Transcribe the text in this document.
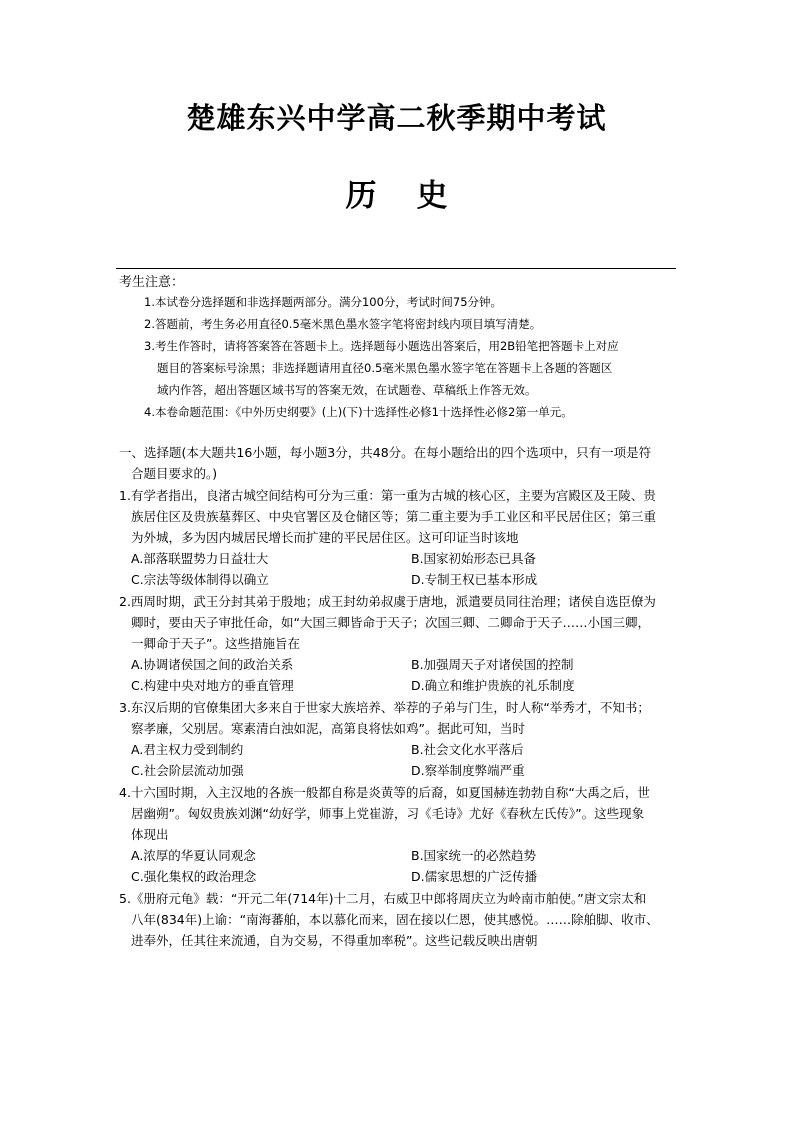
楚雄东兴中学高二秋季期中考试
历 史
考生注意：
1.本试卷分选择题和非选择题两部分。满分100分，考试时间75分钟。
2.答题前，考生务必用直径0.5毫米黑色墨水签字笔将密封线内项目填写清楚。
3.考生作答时，请将答案答在答题卡上。选择题每小题选出答案后，用2B铅笔把答题卡上对应
题目的答案标号涂黑；非选择题请用直径0.5毫米黑色墨水签字笔在答题卡上各题的答题区
域内作答，超出答题区域书写的答案无效，在试题卷、草稿纸上作答无效。
4.本卷命题范围：《中外历史纲要》(上)(下)十选择性必修1十选择性必修2第一单元。
一、选择题(本大题共16小题，每小题3分，共48分。在每小题给出的四个选项中，只有一项是符
合题目要求的。)
1.有学者指出，良渚古城空间结构可分为三重：第一重为古城的核心区，主要为宫殿区及王陵、贵
族居住区及贵族墓葬区、中央官署区及仓储区等；第二重主要为手工业区和平民居住区；第三重
为外城，多为因内城居民增长而扩建的平民居住区。这可印证当时该地
A.部落联盟势力日益壮大	B.国家初始形态已具备
C.宗法等级体制得以确立	D.专制王权已基本形成
2.西周时期，武王分封其弟于殷地；成王封幼弟叔虞于唐地，派遣要员同往治理；诸侯自选臣僚为
卿时，要由天子审批任命，如“大国三卿皆命于天子；次国三卿、二卿命于天子……小国三卿，
一卿命于天子”。这些措施旨在
A.协调诸侯国之间的政治关系	B.加强周天子对诸侯国的控制
C.构建中央对地方的垂直管理	D.确立和维护贵族的礼乐制度
3.东汉后期的官僚集团大多来自于世家大族培养、举荐的子弟与门生，时人称“举秀才，不知书；
察孝廉，父别居。寒素清白浊如泥，高第良将怯如鸡”。据此可知，当时
A.君主权力受到制约	B.社会文化水平落后
C.社会阶层流动加强	D.察举制度弊端严重
4.十六国时期，入主汉地的各族一般都自称是炎黄等的后裔，如夏国赫连勃勃自称“大禹之后，世
居幽朔”。匈奴贵族刘渊“幼好学，师事上党崔游，习《毛诗》尤好《春秋左氏传》”。这些现象
体现出
A.浓厚的华夏认同观念	B.国家统一的必然趋势
C.强化集权的政治理念	D.儒家思想的广泛传播
5.《册府元龟》载：“开元二年(714年)十二月，右威卫中郎将周庆立为岭南市舶使。”唐文宗太和
八年(834年)上谕：“南海蕃舶，本以慕化而来，固在接以仁恩，使其感悦。……除舶脚、收市、
进奉外，任其往来流通，自为交易，不得重加率税”。这些记载反映出唐朝
